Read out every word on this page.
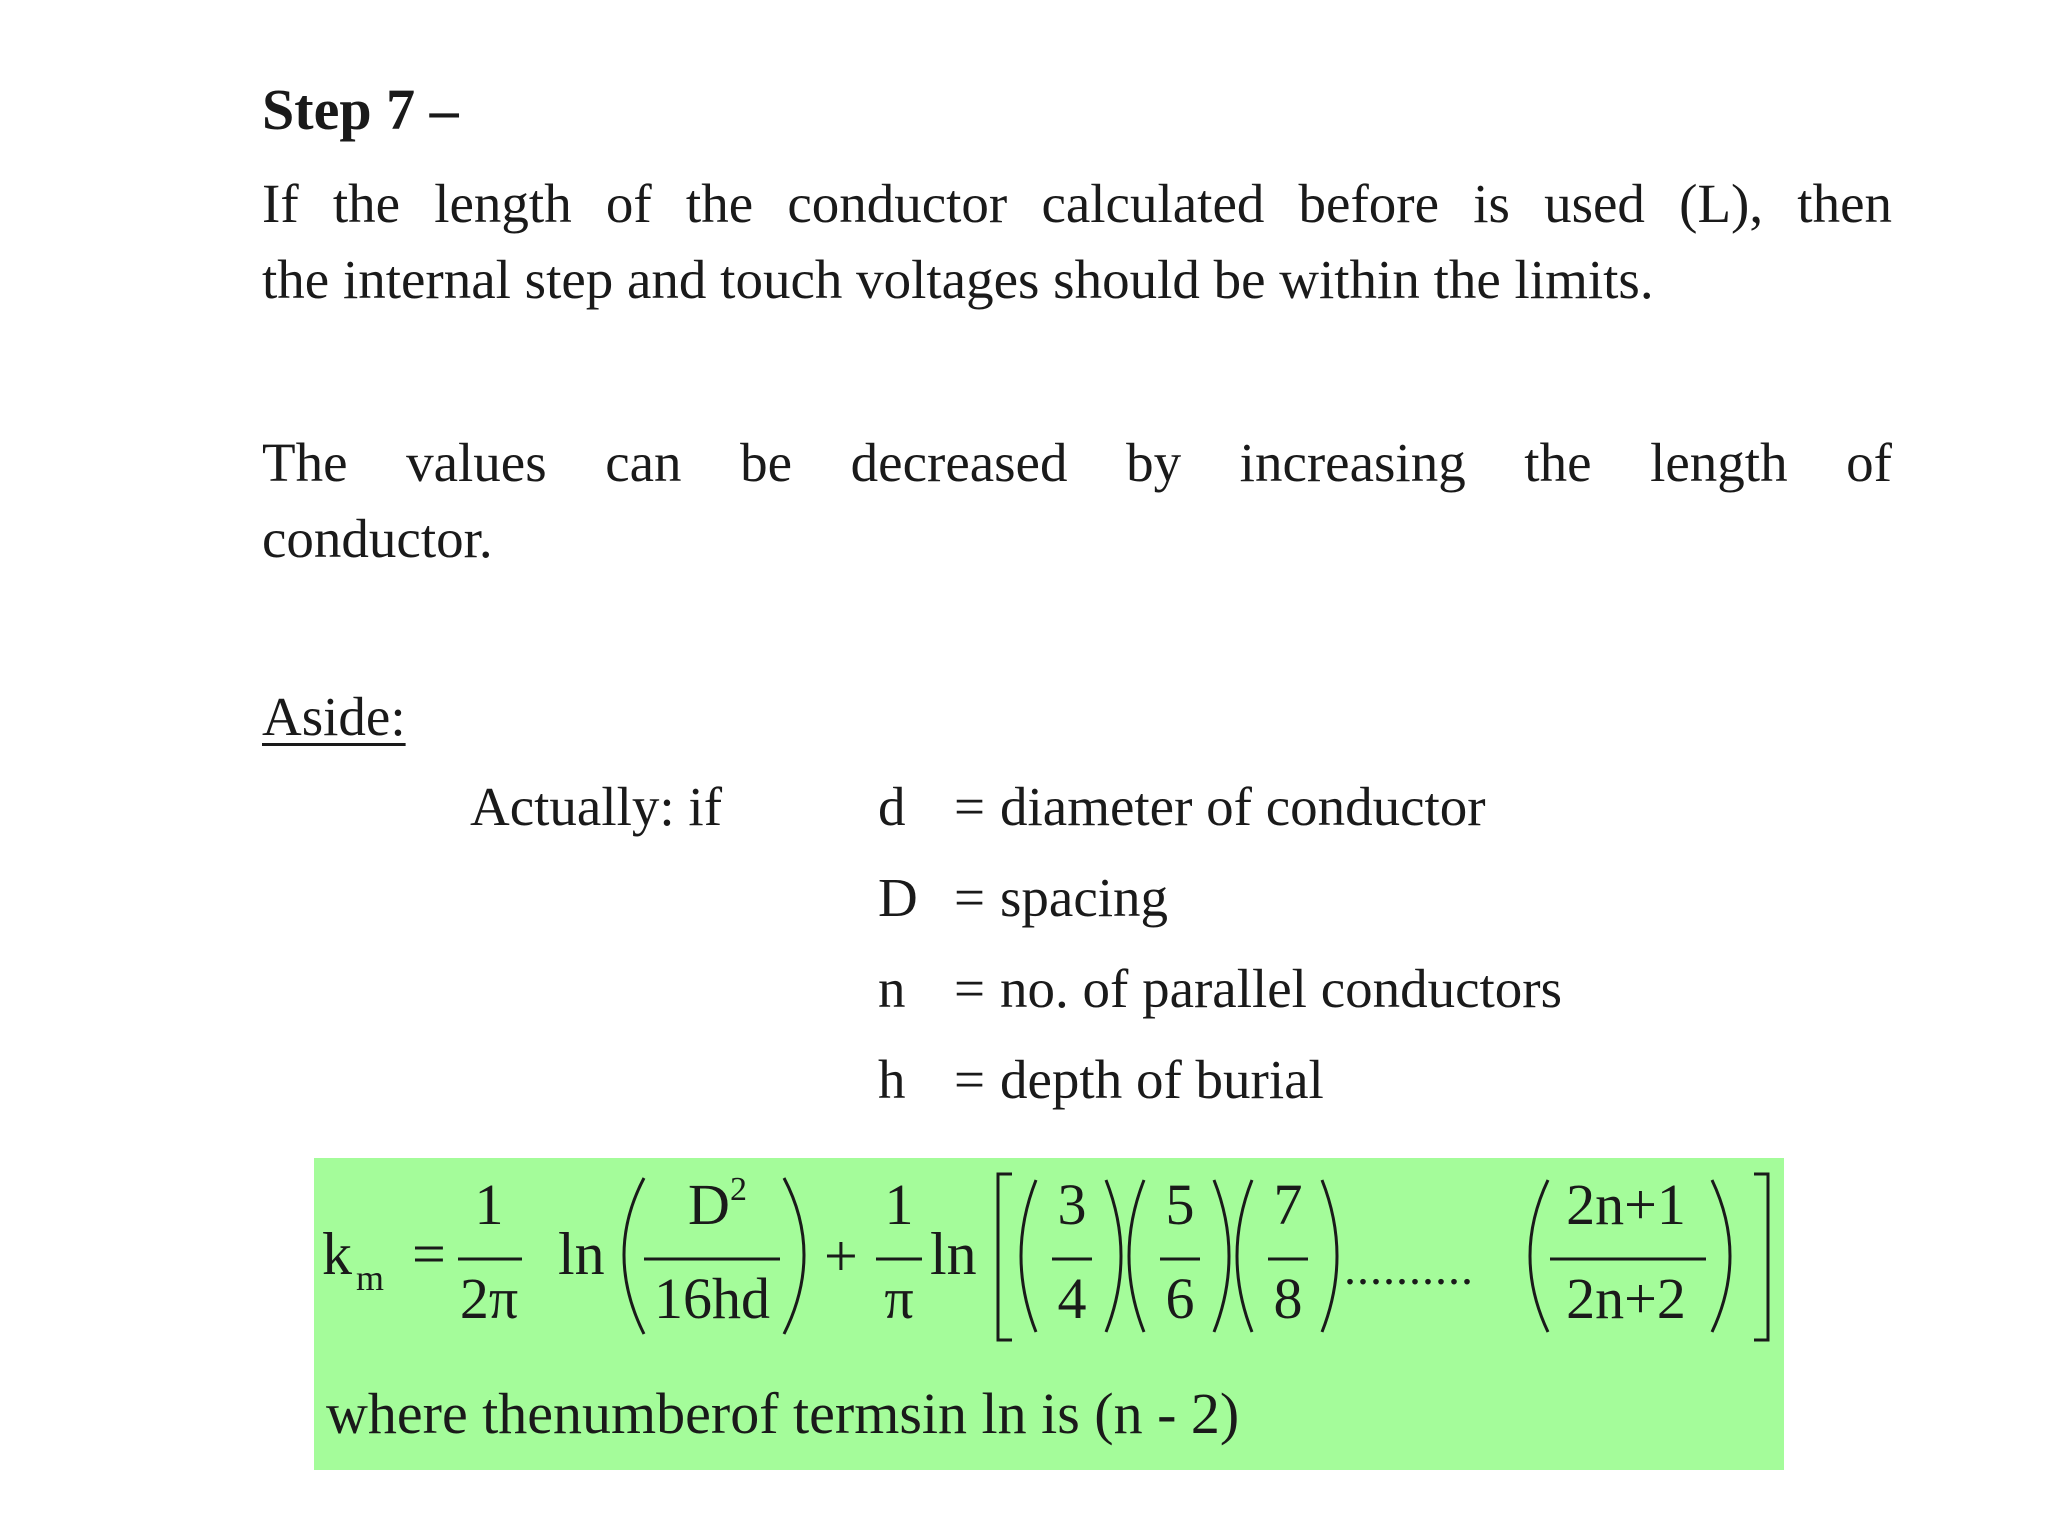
Step 7 –
If the length of the conductor calculated before is used (L), then
the internal step and touch voltages should be within the limits.
The values can be decreased by increasing the length of
conductor.
Aside:
Actually: if	d = diameter of conductor
D = spacing
n = no. of parallel conductors
h = depth of burial
k m =
1
2π
ln
D 2
16hd
+
1
π
ln
3
4
5
6
7
8 ..........
2n+1
2n+2
where thenumberof termsin ln is (n - 2)
